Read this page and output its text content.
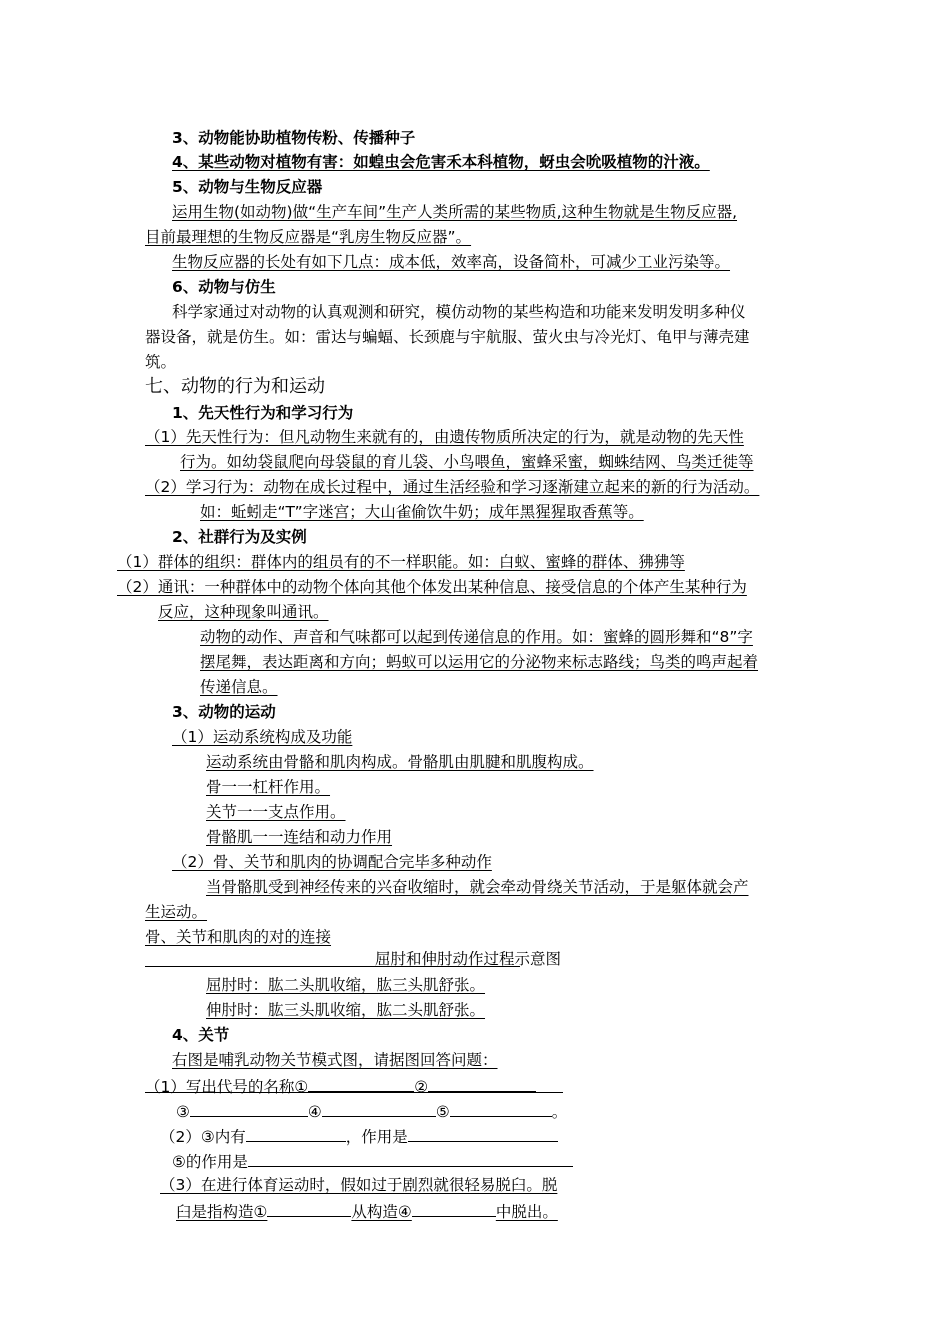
3、动物能协助植物传粉、传播种子
4、某些动物对植物有害：如蝗虫会危害禾本科植物，蚜虫会吮吸植物的汁液。
5、动物与生物反应器
运用生物(如动物)做“生产车间”生产人类所需的某些物质,这种生物就是生物反应器,
目前最理想的生物反应器是“乳房生物反应器”。
生物反应器的长处有如下几点：成本低，效率高，设备简朴，可减少工业污染等。
6、动物与仿生
科学家通过对动物的认真观测和研究，模仿动物的某些构造和功能来发明发明多种仪
器设备，就是仿生。如：雷达与蝙蝠、长颈鹿与宇航服、萤火虫与冷光灯、龟甲与薄壳建
筑。
七、动物的行为和运动
1、先天性行为和学习行为
（1）先天性行为：但凡动物生来就有的，由遗传物质所决定的行为，就是动物的先天性
行为。如幼袋鼠爬向母袋鼠的育儿袋、小鸟喂鱼，蜜蜂采蜜，蜘蛛结网、鸟类迁徙等
（2）学习行为：动物在成长过程中，通过生活经验和学习逐渐建立起来的新的行为活动。
如：蚯蚓走“T”字迷宫；大山雀偷饮牛奶；成年黑猩猩取香蕉等。
2、社群行为及实例
（1）群体的组织：群体内的组员有的不一样职能。如：白蚁、蜜蜂的群体、狒狒等
（2）通讯：一种群体中的动物个体向其他个体发出某种信息、接受信息的个体产生某种行为
反应，这种现象叫通讯。
动物的动作、声音和气味都可以起到传递信息的作用。如：蜜蜂的圆形舞和“8”字
摆尾舞，表达距离和方向；蚂蚁可以运用它的分泌物来标志路线；鸟类的鸣声起着
传递信息。
3、动物的运动
（1）运动系统构成及功能
运动系统由骨骼和肌肉构成。骨骼肌由肌腱和肌腹构成。
骨一一杠杆作用。
关节一一支点作用。
骨骼肌一一连结和动力作用
（2）骨、关节和肌肉的协调配合完毕多种动作
当骨骼肌受到神经传来的兴奋收缩时，就会牵动骨绕关节活动，于是躯体就会产
生运动。
骨、关节和肌肉的对的连接
屈肘和伸肘动作过程示意图
屈肘时：肱二头肌收缩，肱三头肌舒张。
伸肘时：肱三头肌收缩，肱二头肌舒张。
4、关节
右图是哺乳动物关节模式图，请据图回答问题：
（1）写出代号的名称①	②
③	④	⑤	。
（2）③内有	，作用是
⑤的作用是
（3）在进行体育运动时，假如过于剧烈就很轻易脱臼。脱
臼是指构造①	从构造④	中脱出。
